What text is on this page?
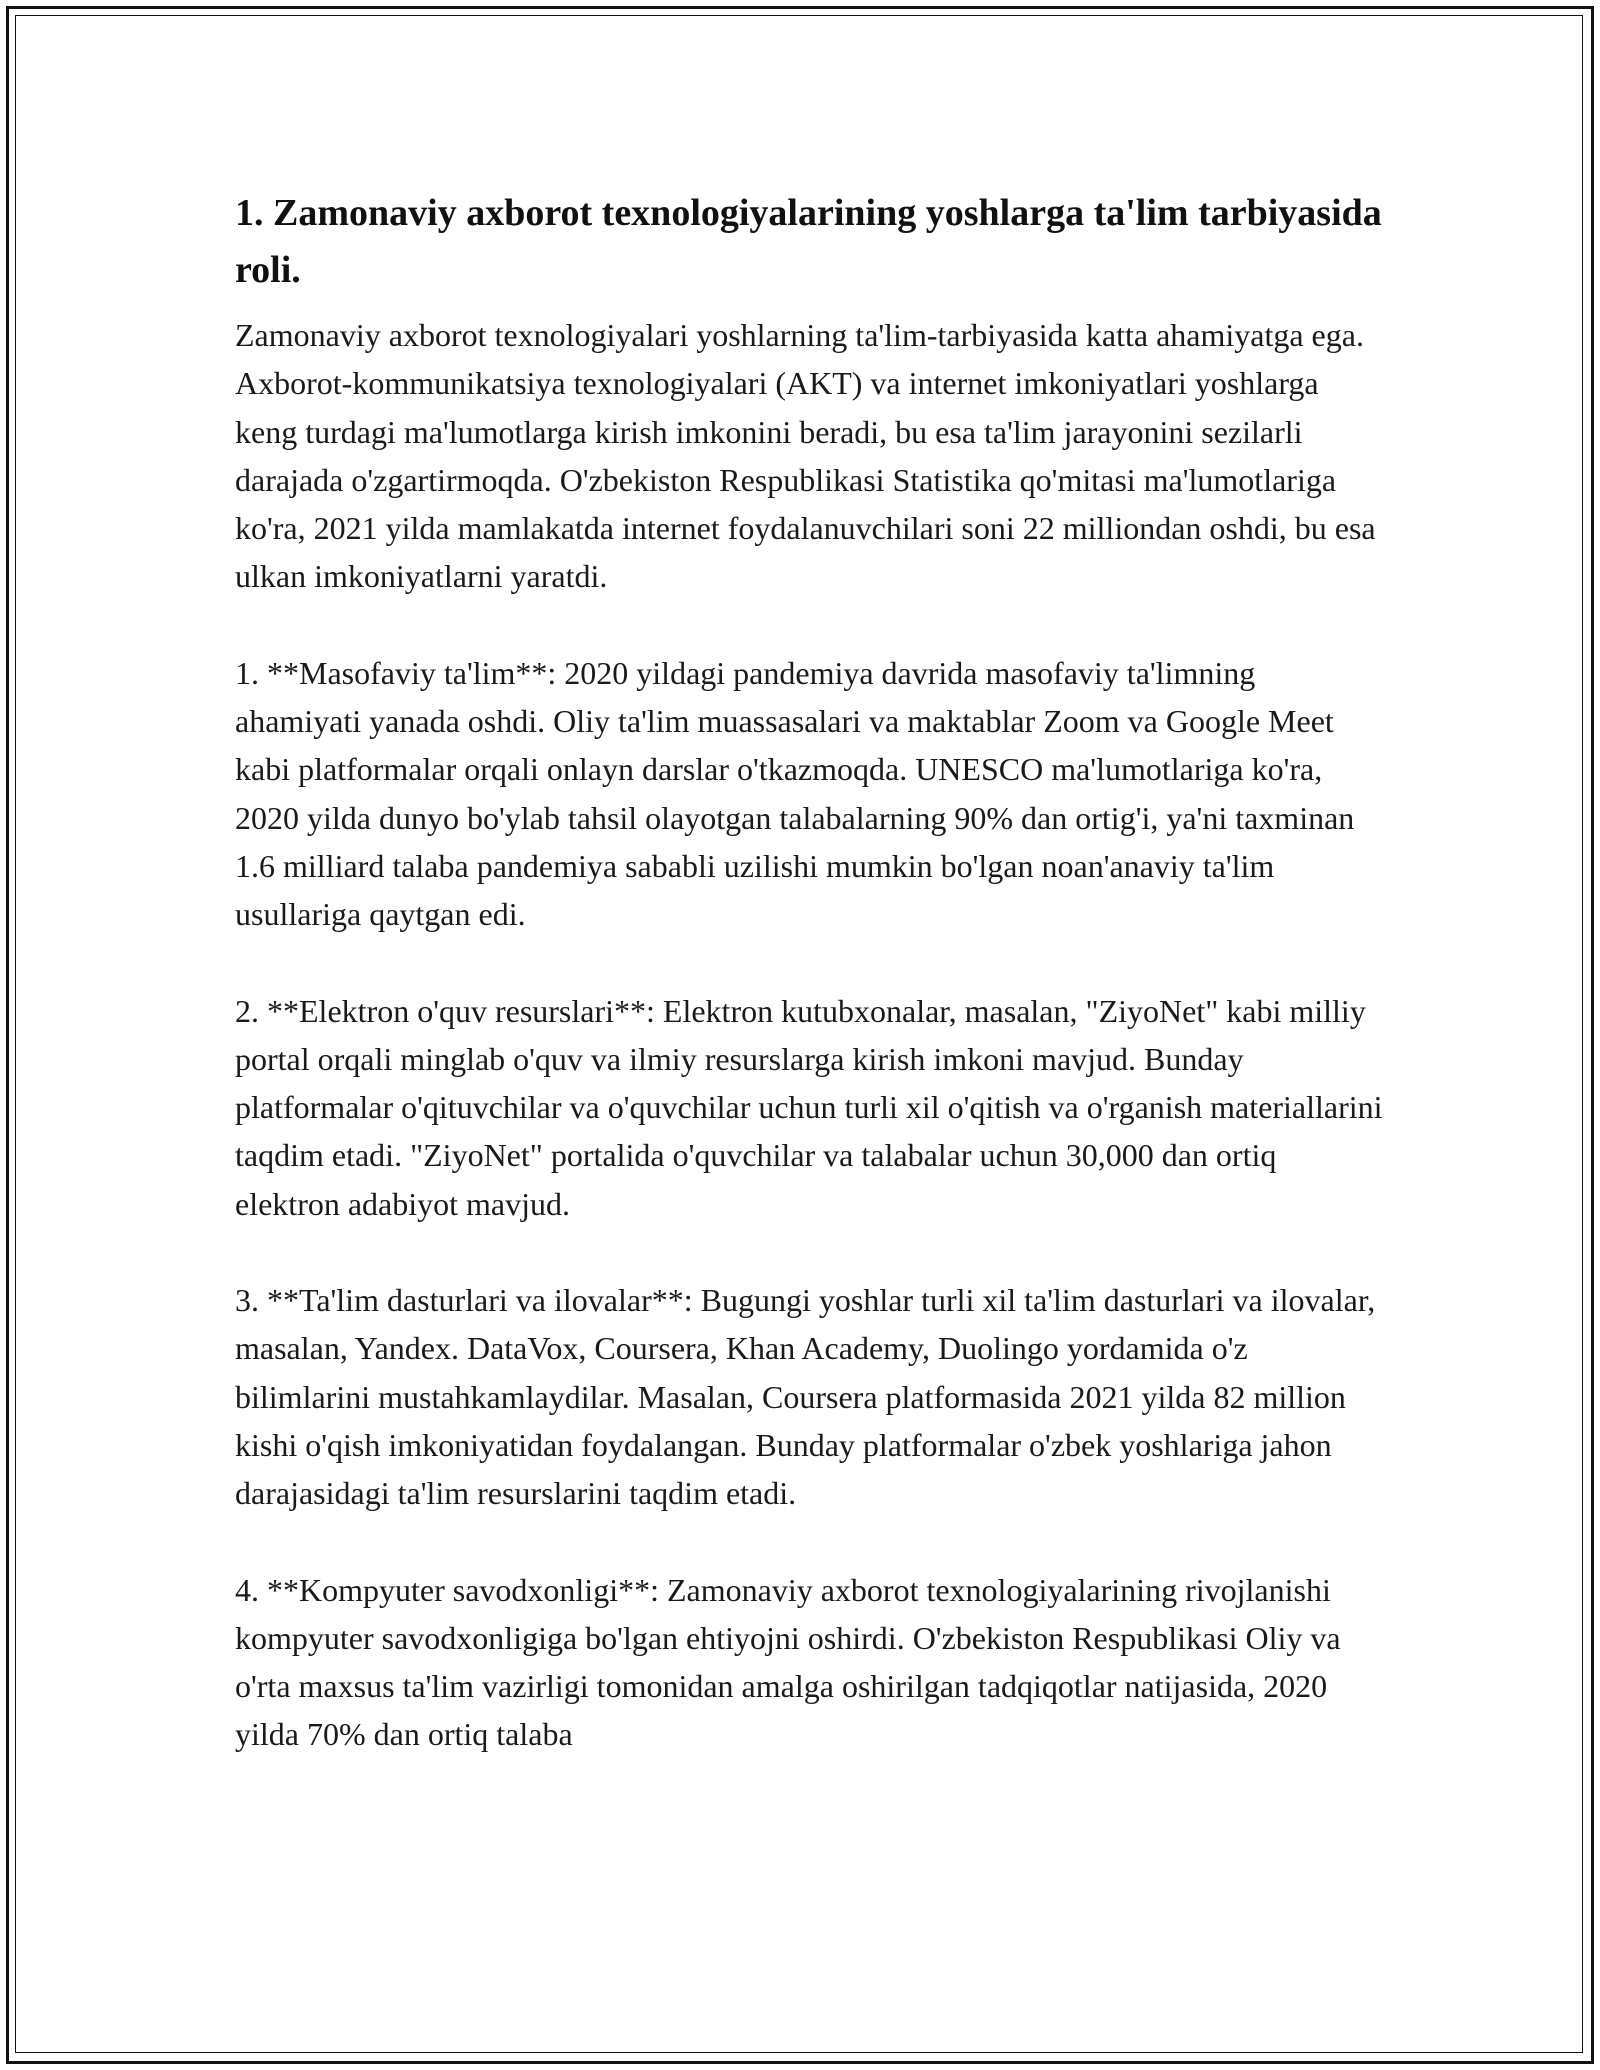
1. Zamonaviy axborot texnologiyalarining yoshlarga ta'lim tarbiyasida roli.

Zamonaviy axborot texnologiyalari yoshlarning ta'lim-tarbiyasida katta ahamiyatga ega. Axborot-kommunikatsiya texnologiyalari (AKT) va internet imkoniyatlari yoshlarga keng turdagi ma'lumotlarga kirish imkonini beradi, bu esa ta'lim jarayonini sezilarli darajada o'zgartirmoqda. O'zbekiston Respublikasi Statistika qo'mitasi ma'lumotlariga ko'ra, 2021 yilda mamlakatda internet foydalanuvchilari soni 22 milliondan oshdi, bu esa ulkan imkoniyatlarni yaratdi.

1. **Masofaviy ta'lim**: 2020 yildagi pandemiya davrida masofaviy ta'limning ahamiyati yanada oshdi. Oliy ta'lim muassasalari va maktablar Zoom va Google Meet kabi platformalar orqali onlayn darslar o'tkazmoqda. UNESCO ma'lumotlariga ko'ra, 2020 yilda dunyo bo'ylab tahsil olayotgan talabalarning 90% dan ortig'i, ya'ni taxminan 1.6 milliard talaba pandemiya sababli uzilishi mumkin bo'lgan noan'anaviy ta'lim usullariga qaytgan edi.

2. **Elektron o'quv resurslari**: Elektron kutubxonalar, masalan, "ZiyoNet" kabi milliy portal orqali minglab o'quv va ilmiy resurslarga kirish imkoni mavjud. Bunday platformalar o'qituvchilar va o'quvchilar uchun turli xil o'qitish va o'rganish materiallarini taqdim etadi. "ZiyoNet" portalida o'quvchilar va talabalar uchun 30,000 dan ortiq elektron adabiyot mavjud.

3. **Ta'lim dasturlari va ilovalar**: Bugungi yoshlar turli xil ta'lim dasturlari va ilovalar, masalan, Yandex. DataVox, Coursera, Khan Academy, Duolingo yordamida o'z bilimlarini mustahkamlaydilar. Masalan, Coursera platformasida 2021 yilda 82 million kishi o'qish imkoniyatidan foydalangan. Bunday platformalar o'zbek yoshlariga jahon darajasidagi ta'lim resurslarini taqdim etadi.

4. **Kompyuter savodxonligi**: Zamonaviy axborot texnologiyalarining rivojlanishi kompyuter savodxonligiga bo'lgan ehtiyojni oshirdi. O'zbekiston Respublikasi Oliy va o'rta maxsus ta'lim vazirligi tomonidan amalga oshirilgan tadqiqotlar natijasida, 2020 yilda 70% dan ortiq talaba
